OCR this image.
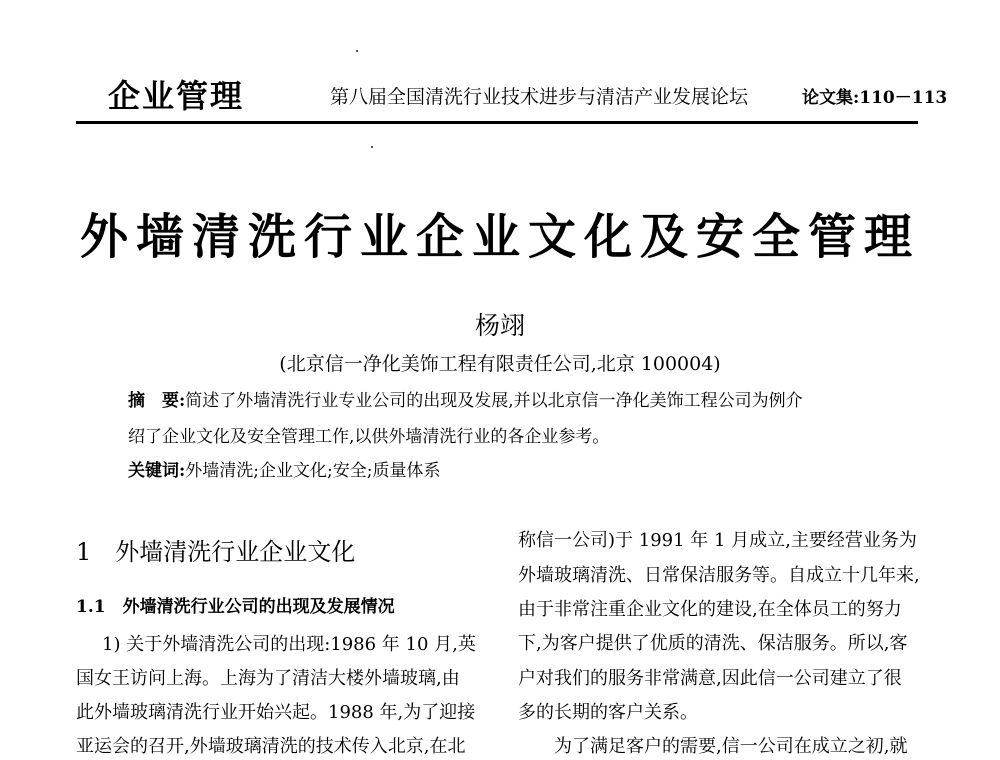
企业管理	第八届全国清洗行业技术进步与清洁产业发展论坛	论文集:110－113
外墙清洗行业企业文化及安全管理
杨翊
(北京信一净化美饰工程有限责任公司,北京 100004)
摘　要:简述了外墙清洗行业专业公司的出现及发展,并以北京信一净化美饰工程公司为例介
绍了企业文化及安全管理工作,以供外墙清洗行业的各企业参考。
关键词:外墙清洗;企业文化;安全;质量体系
1　外墙清洗行业企业文化
1.1　外墙清洗行业公司的出现及发展情况
1) 关于外墙清洗公司的出现:1986 年 10 月,英
国女王访问上海。上海为了清洁大楼外墙玻璃,由
此外墙玻璃清洗行业开始兴起。1988 年,为了迎接
亚运会的召开,外墙玻璃清洗的技术传入北京,在北
称信一公司)于 1991 年 1 月成立,主要经营业务为
外墙玻璃清洗、日常保洁服务等。自成立十几年来,
由于非常注重企业文化的建设,在全体员工的努力
下,为客户提供了优质的清洗、保洁服务。所以,客
户对我们的服务非常满意,因此信一公司建立了很
多的长期的客户关系。
为了满足客户的需要,信一公司在成立之初,就
